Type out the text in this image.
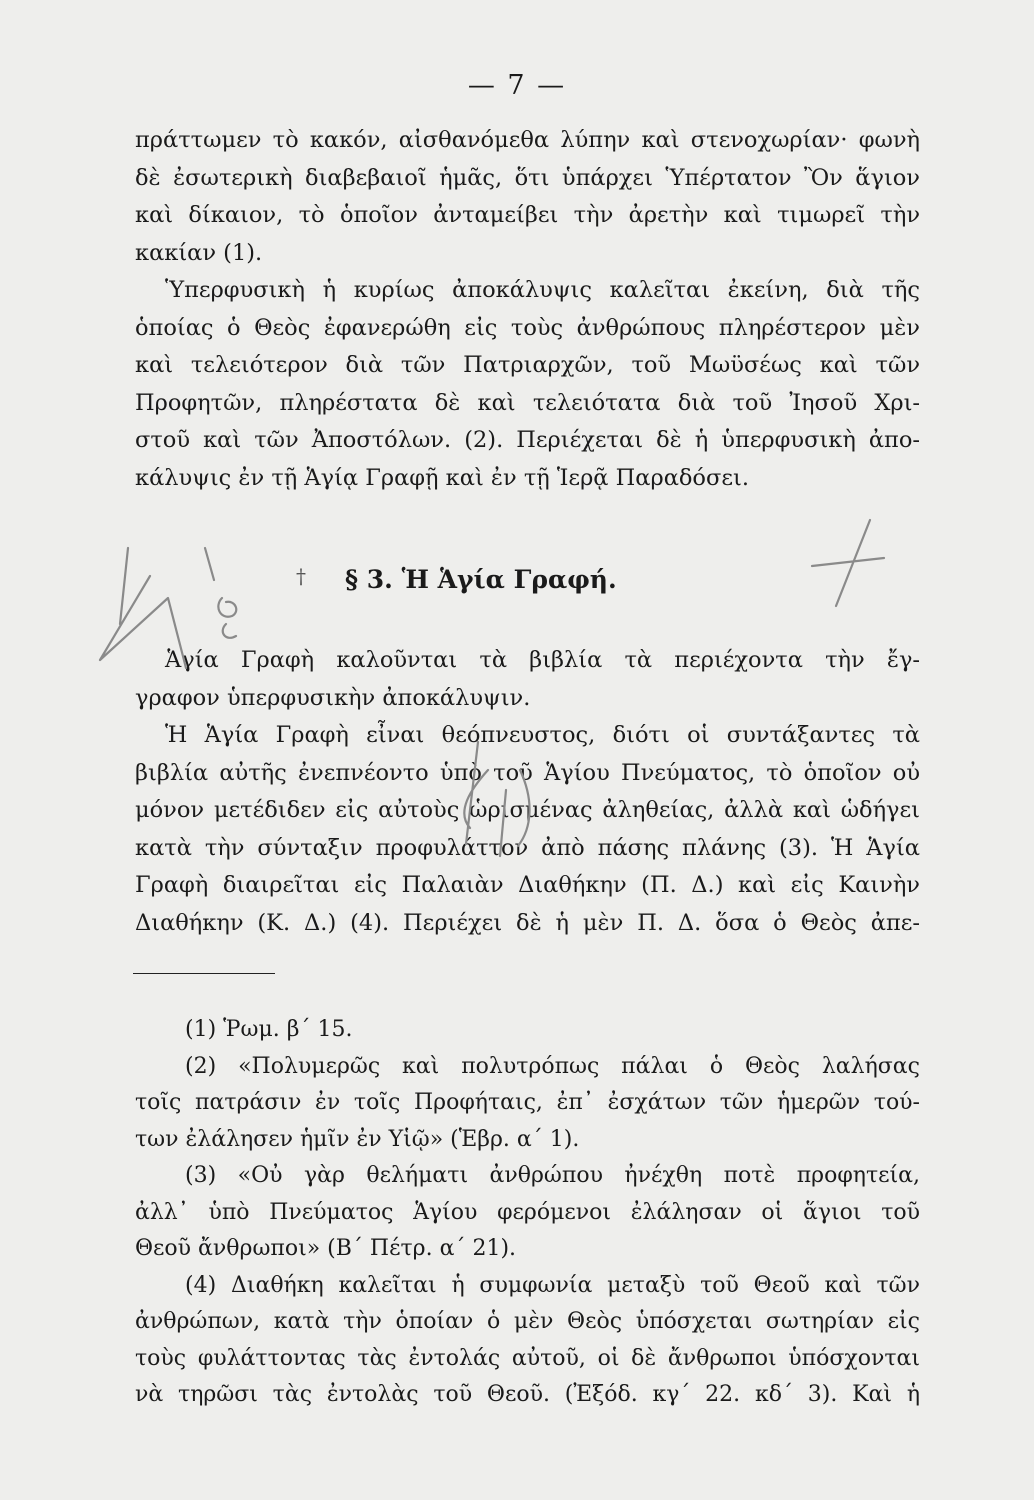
— 7 —
πράττωμεν τὸ κακόν, αἰσθανόμεθα λύπην καὶ στενοχωρίαν· φωνὴ
δὲ ἐσωτερικὴ διαβεβαιοῖ ἡμᾶς, ὅτι ὑπάρχει Ὑπέρτατον Ὂν ἅγιον
καὶ δίκαιον, τὸ ὁποῖον ἀνταμείβει τὴν ἀρετὴν καὶ τιμωρεῖ τὴν
κακίαν (1).
Ὑπερφυσικὴ ἡ κυρίως ἀποκάλυψις καλεῖται ἐκείνη, διὰ τῆς
ὁποίας ὁ Θεὸς ἐφανερώθη εἰς τοὺς ἀνθρώπους πληρέστερον μὲν
καὶ τελειότερον διὰ τῶν Πατριαρχῶν, τοῦ Μωϋσέως καὶ τῶν
Προφητῶν, πληρέστατα δὲ καὶ τελειότατα διὰ τοῦ Ἰησοῦ Χρι-
στοῦ καὶ τῶν Ἀποστόλων. (2). Περιέχεται δὲ ἡ ὑπερφυσικὴ ἀπο-
κάλυψις ἐν τῇ Ἁγίᾳ Γραφῇ καὶ ἐν τῇ Ἱερᾷ Παραδόσει.
† § 3. Ἡ Ἁγία Γραφή.
Ἁγία Γραφὴ καλοῦνται τὰ βιβλία τὰ περιέχοντα τὴν ἔγ-
γραφον ὑπερφυσικὴν ἀποκάλυψιν.
Ἡ Ἁγία Γραφὴ εἶναι θεόπνευστος, διότι οἱ συντάξαντες τὰ
βιβλία αὐτῆς ἐνεπνέοντο ὑπὸ τοῦ Ἁγίου Πνεύματος, τὸ ὁποῖον οὐ
μόνον μετέδιδεν εἰς αὐτοὺς ὡρισμένας ἀληθείας, ἀλλὰ καὶ ὡδήγει
κατὰ τὴν σύνταξιν προφυλάττον ἀπὸ πάσης πλάνης (3). Ἡ Ἁγία
Γραφὴ διαιρεῖται εἰς Παλαιὰν Διαθήκην (Π. Δ.) καὶ εἰς Καινὴν
Διαθήκην (Κ. Δ.) (4). Περιέχει δὲ ἡ μὲν Π. Δ. ὅσα ὁ Θεὸς ἀπε-
(1) Ῥωμ. β΄ 15.
(2) «Πολυμερῶς καὶ πολυτρόπως πάλαι ὁ Θεὸς λαλήσας
τοῖς πατράσιν ἐν τοῖς Προφήταις, ἐπ᾿ ἐσχάτων τῶν ἡμερῶν τού-
των ἐλάλησεν ἡμῖν ἐν Υἱῷ» (Ἑβρ. α΄ 1).
(3) «Οὐ γὰρ θελήματι ἀνθρώπου ἠνέχθη ποτὲ προφητεία,
ἀλλ᾿ ὑπὸ Πνεύματος Ἁγίου φερόμενοι ἐλάλησαν οἱ ἅγιοι τοῦ
Θεοῦ ἄνθρωποι» (Β΄ Πέτρ. α΄ 21).
(4) Διαθήκη καλεῖται ἡ συμφωνία μεταξὺ τοῦ Θεοῦ καὶ τῶν
ἀνθρώπων, κατὰ τὴν ὁποίαν ὁ μὲν Θεὸς ὑπόσχεται σωτηρίαν εἰς
τοὺς φυλάττοντας τὰς ἐντολάς αὐτοῦ, οἱ δὲ ἄνθρωποι ὑπόσχονται
νὰ τηρῶσι τὰς ἐντολὰς τοῦ Θεοῦ. (Ἐξόδ. κγ΄ 22. κδ΄ 3). Καὶ ἡ
